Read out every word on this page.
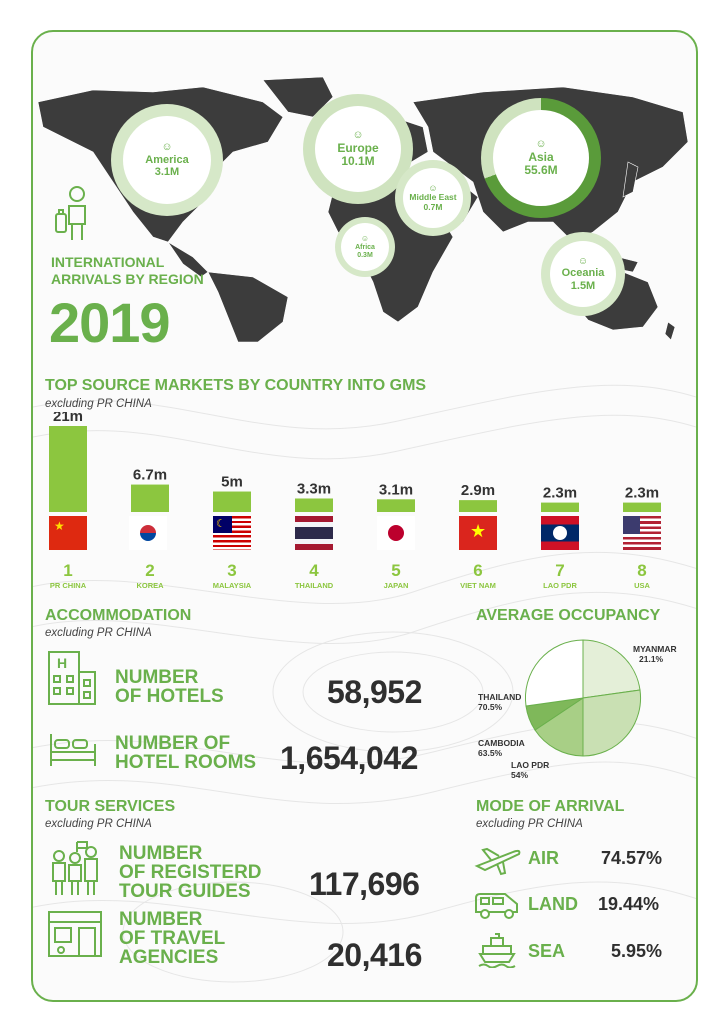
☺
America
3.1M
☺
Europe
10.1M
☺
Asia
55.6M
☺
Middle East
0.7M
☺
Africa
0.3M
☺
Oceania
1.5M
INTERNATIONAL
ARRIVALS BY REGION
2019
TOP SOURCE MARKETS BY COUNTRY INTO GMS
excluding PR CHINA
21m
1
PR CHINA
6.7m
2
KOREA
5m
3
MALAYSIA
3.3m
4
THAILAND
3.1m
5
JAPAN
2.9m
6
VIET NAM
2.3m
7
LAO PDR
2.3m
8
USA
★	☾	★
ACCOMMODATION
excluding PR CHINA
H
NUMBER
OF HOTELS	58,952
NUMBER OF
HOTEL ROOMS 1,654,042
AVERAGE OCCUPANCY
MYANMAR
21.1%
THAILAND
70.5%
CAMBODIA
63.5%
LAO PDR
54%
TOUR SERVICES
excluding PR CHINA
NUMBER
OF REGISTERD
TOUR GUIDES	117,696
NUMBER
OF TRAVEL
AGENCIES	20,416
MODE OF ARRIVAL
excluding PR CHINA
AIR 74.57%
LAND 19.44%
SEA	5.95%
